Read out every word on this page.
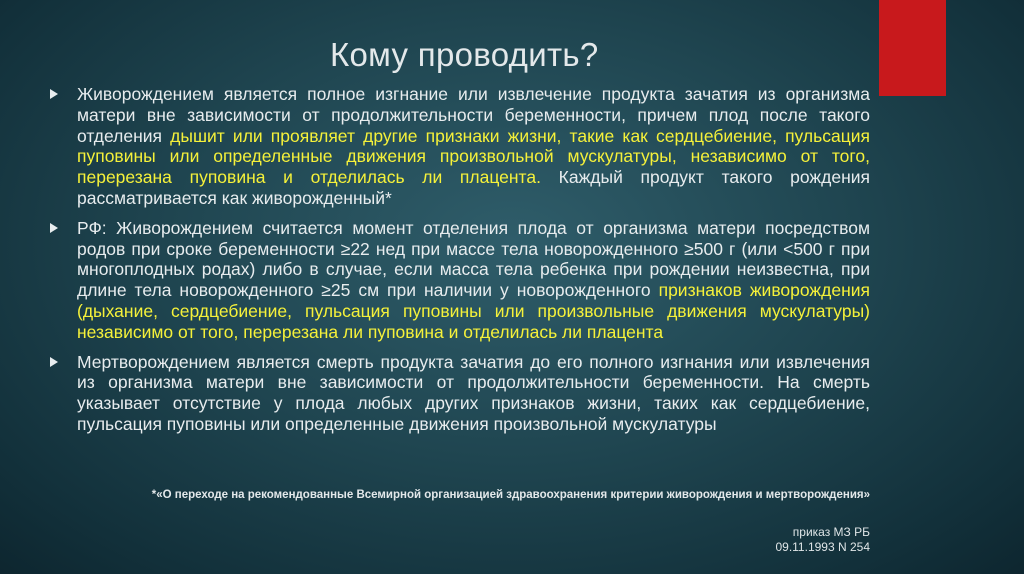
Кому проводить?
Живорождением является полное изгнание или извлечение продукта зачатия из организма матери вне зависимости от продолжительности беременности, причем плод после такого отделения дышит или проявляет другие признаки жизни, такие как сердцебиение, пульсация пуповины или определенные движения произвольной мускулатуры, независимо от того, перерезана пуповина и отделилась ли плацента. Каждый продукт такого рождения рассматривается как живорожденный*
РФ: Живорождением считается момент отделения плода от организма матери посредством родов при сроке беременности ≥22 нед при массе тела новорожденного ≥500 г (или <500 г при многоплодных родах) либо в случае, если масса тела ребенка при рождении неизвестна, при длине тела новорожденного ≥25 см при наличии у новорожденного признаков живорождения (дыхание, сердцебиение, пульсация пуповины или произвольные движения мускулатуры) независимо от того, перерезана ли пуповина и отделилась ли плацента
Мертворождением является смерть продукта зачатия до его полного изгнания или извлечения из организма матери вне зависимости от продолжительности беременности. На смерть указывает отсутствие у плода любых других признаков жизни, таких как сердцебиение, пульсация пуповины или определенные движения произвольной мускулатуры
*«О переходе на рекомендованные Всемирной организацией здравоохранения критерии живорождения и мертворождения»
приказ МЗ РБ
09.11.1993 N 254
